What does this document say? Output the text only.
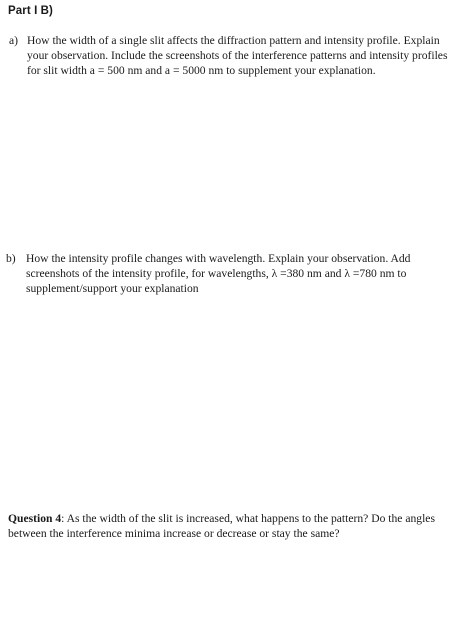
Part I B)
a) How the width of a single slit affects the diffraction pattern and intensity profile. Explain
your observation. Include the screenshots of the interference patterns and intensity profiles
for slit width a = 500 nm and a = 5000 nm to supplement your explanation.
b) How the intensity profile changes with wavelength. Explain your observation. Add
screenshots of the intensity profile, for wavelengths, λ =380 nm and λ =780 nm to
supplement/support your explanation
Question 4: As the width of the slit is increased, what happens to the pattern? Do the angles
between the interference minima increase or decrease or stay the same?
